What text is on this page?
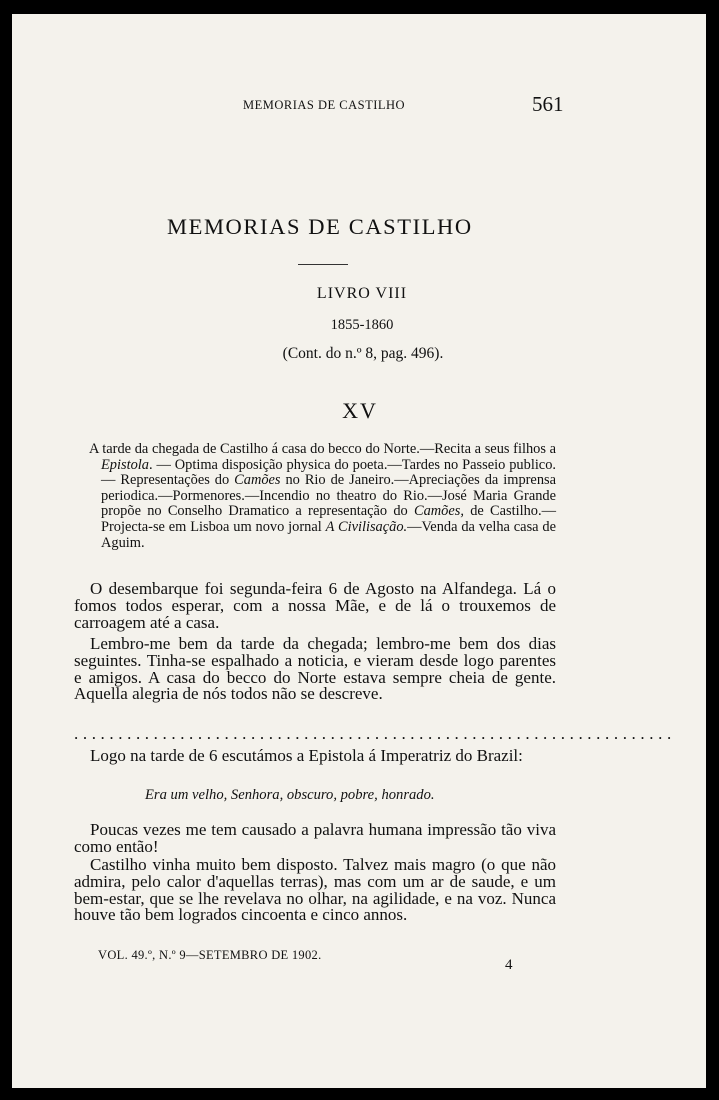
MEMORIAS DE CASTILHO	561
MEMORIAS DE CASTILHO
LIVRO VIII
1855-1860
(Cont. do n.º 8, pag. 496).
XV

A tarde da chegada de Castilho á casa do becco do Norte.—Recita a seus filhos a Epistola. — Optima disposição physica do poeta.—Tardes no Passeio publico.— Representações do Camões no Rio de Janeiro.—Apreciações da imprensa periodica.—Pormenores.—Incendio no theatro do Rio.—José Maria Grande propõe no Conselho Dramatico a representação do Camões, de Castilho.— Projecta-se em Lisboa um novo jornal A Civilisação.—Venda da velha casa de Aguim.

O desembarque foi segunda-feira 6 de Agosto na Alfandega. Lá o fomos todos esperar, com a nossa Mãe, e de lá o trouxemos de carroagem até a casa.

Lembro-me bem da tarde da chegada; lembro-me bem dos dias seguintes. Tinha-se espalhado a noticia, e vieram desde logo parentes e amigos. A casa do becco do Norte estava sempre cheia de gente. Aquella alegria de nós todos não se descreve.

....................................................................

Logo na tarde de 6 escutámos a Epistola á Imperatriz do Brazil:

Era um velho, Senhora, obscuro, pobre, honrado.

Poucas vezes me tem causado a palavra humana impressão tão viva como então!

Castilho vinha muito bem disposto. Talvez mais magro (o que não admira, pelo calor d'aquellas terras), mas com um ar de saude, e um bem-estar, que se lhe revelava no olhar, na agilidade, e na voz. Nunca houve tão bem logrados cincoenta e cinco annos.

VOL. 49.º, N.º 9—SETEMBRO DE 1902.
4
